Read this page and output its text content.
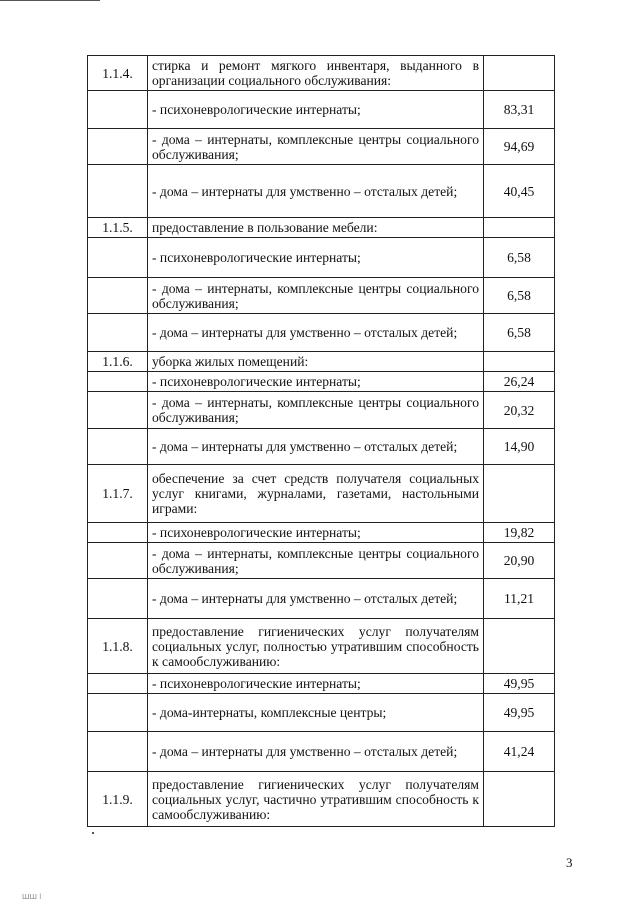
1.1.4.	стирка и ремонт мягкого инвентаря, выданного в организации социального обслуживания:	
	- психоневрологические интернаты;	83,31
	- дома – интернаты, комплексные центры социального обслуживания;	94,69
	- дома – интернаты для умственно – отсталых детей;	40,45
1.1.5.	предоставление в пользование мебели:	
	- психоневрологические интернаты;	6,58
	- дома – интернаты, комплексные центры социального обслуживания;	6,58
	- дома – интернаты для умственно – отсталых детей;	6,58
1.1.6.	уборка жилых помещений:	
	- психоневрологические интернаты;	26,24
	- дома – интернаты, комплексные центры социального обслуживания;	20,32
	- дома – интернаты для умственно – отсталых детей;	14,90
1.1.7.	обеспечение за счет средств получателя социальных услуг книгами, журналами, газетами, настольными играми:	
	- психоневрологические интернаты;	19,82
	- дома – интернаты, комплексные центры социального обслуживания;	20,90
	- дома – интернаты для умственно – отсталых детей;	11,21
1.1.8.	предоставление гигиенических услуг получателям социальных услуг, полностью утратившим способность к самообслуживанию:	
	- психоневрологические интернаты;	49,95
	- дома-интернаты, комплексные центры;	49,95
	- дома – интернаты для умственно – отсталых детей;	41,24
1.1.9.	предоставление гигиенических услуг получателям социальных услуг, частично утратившим способность к самообслуживанию:	
3
ШШ l
